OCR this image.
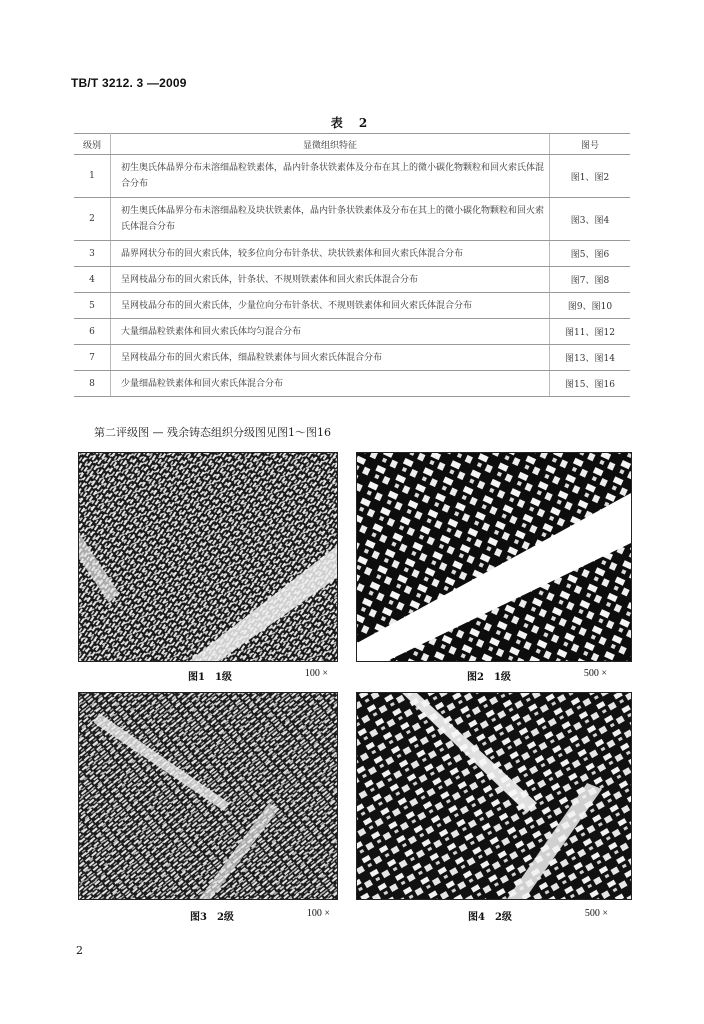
TB/T 3212. 3 —2009
表 2
级别	显微组织特征	图号
1	初生奥氏体晶界分布未溶细晶粒铁素体，晶内针条状铁素体及分布在其上的微小碳化物颗粒和回火索氏体混合分布	图1、图2
2	初生奥氏体晶界分布未溶细晶粒及块状铁素体，晶内针条状铁素体及分布在其上的微小碳化物颗粒和回火索氏体混合分布	图3、图4
3	晶界网状分布的回火索氏体，较多位向分布针条状、块状铁素体和回火索氏体混合分布	图5、图6
4	呈网枝晶分布的回火索氏体，针条状、不规则铁素体和回火索氏体混合分布	图7、图8
5	呈网枝晶分布的回火索氏体，少量位向分布针条状、不规则铁素体和回火索氏体混合分布	图9、图10
6	大量细晶粒铁素体和回火索氏体均匀混合分布	图11、图12
7	呈网枝晶分布的回火索氏体，细晶粒铁素体与回火索氏体混合分布	图13、图14
8	少量细晶粒铁素体和回火索氏体混合分布	图15、图16
第二评级图 — 残余铸态组织分级图见图1～图16
图1　1级	100 ×	图2　1级	500 ×
图3　2级	100 ×	图4　2级	500 ×
2
